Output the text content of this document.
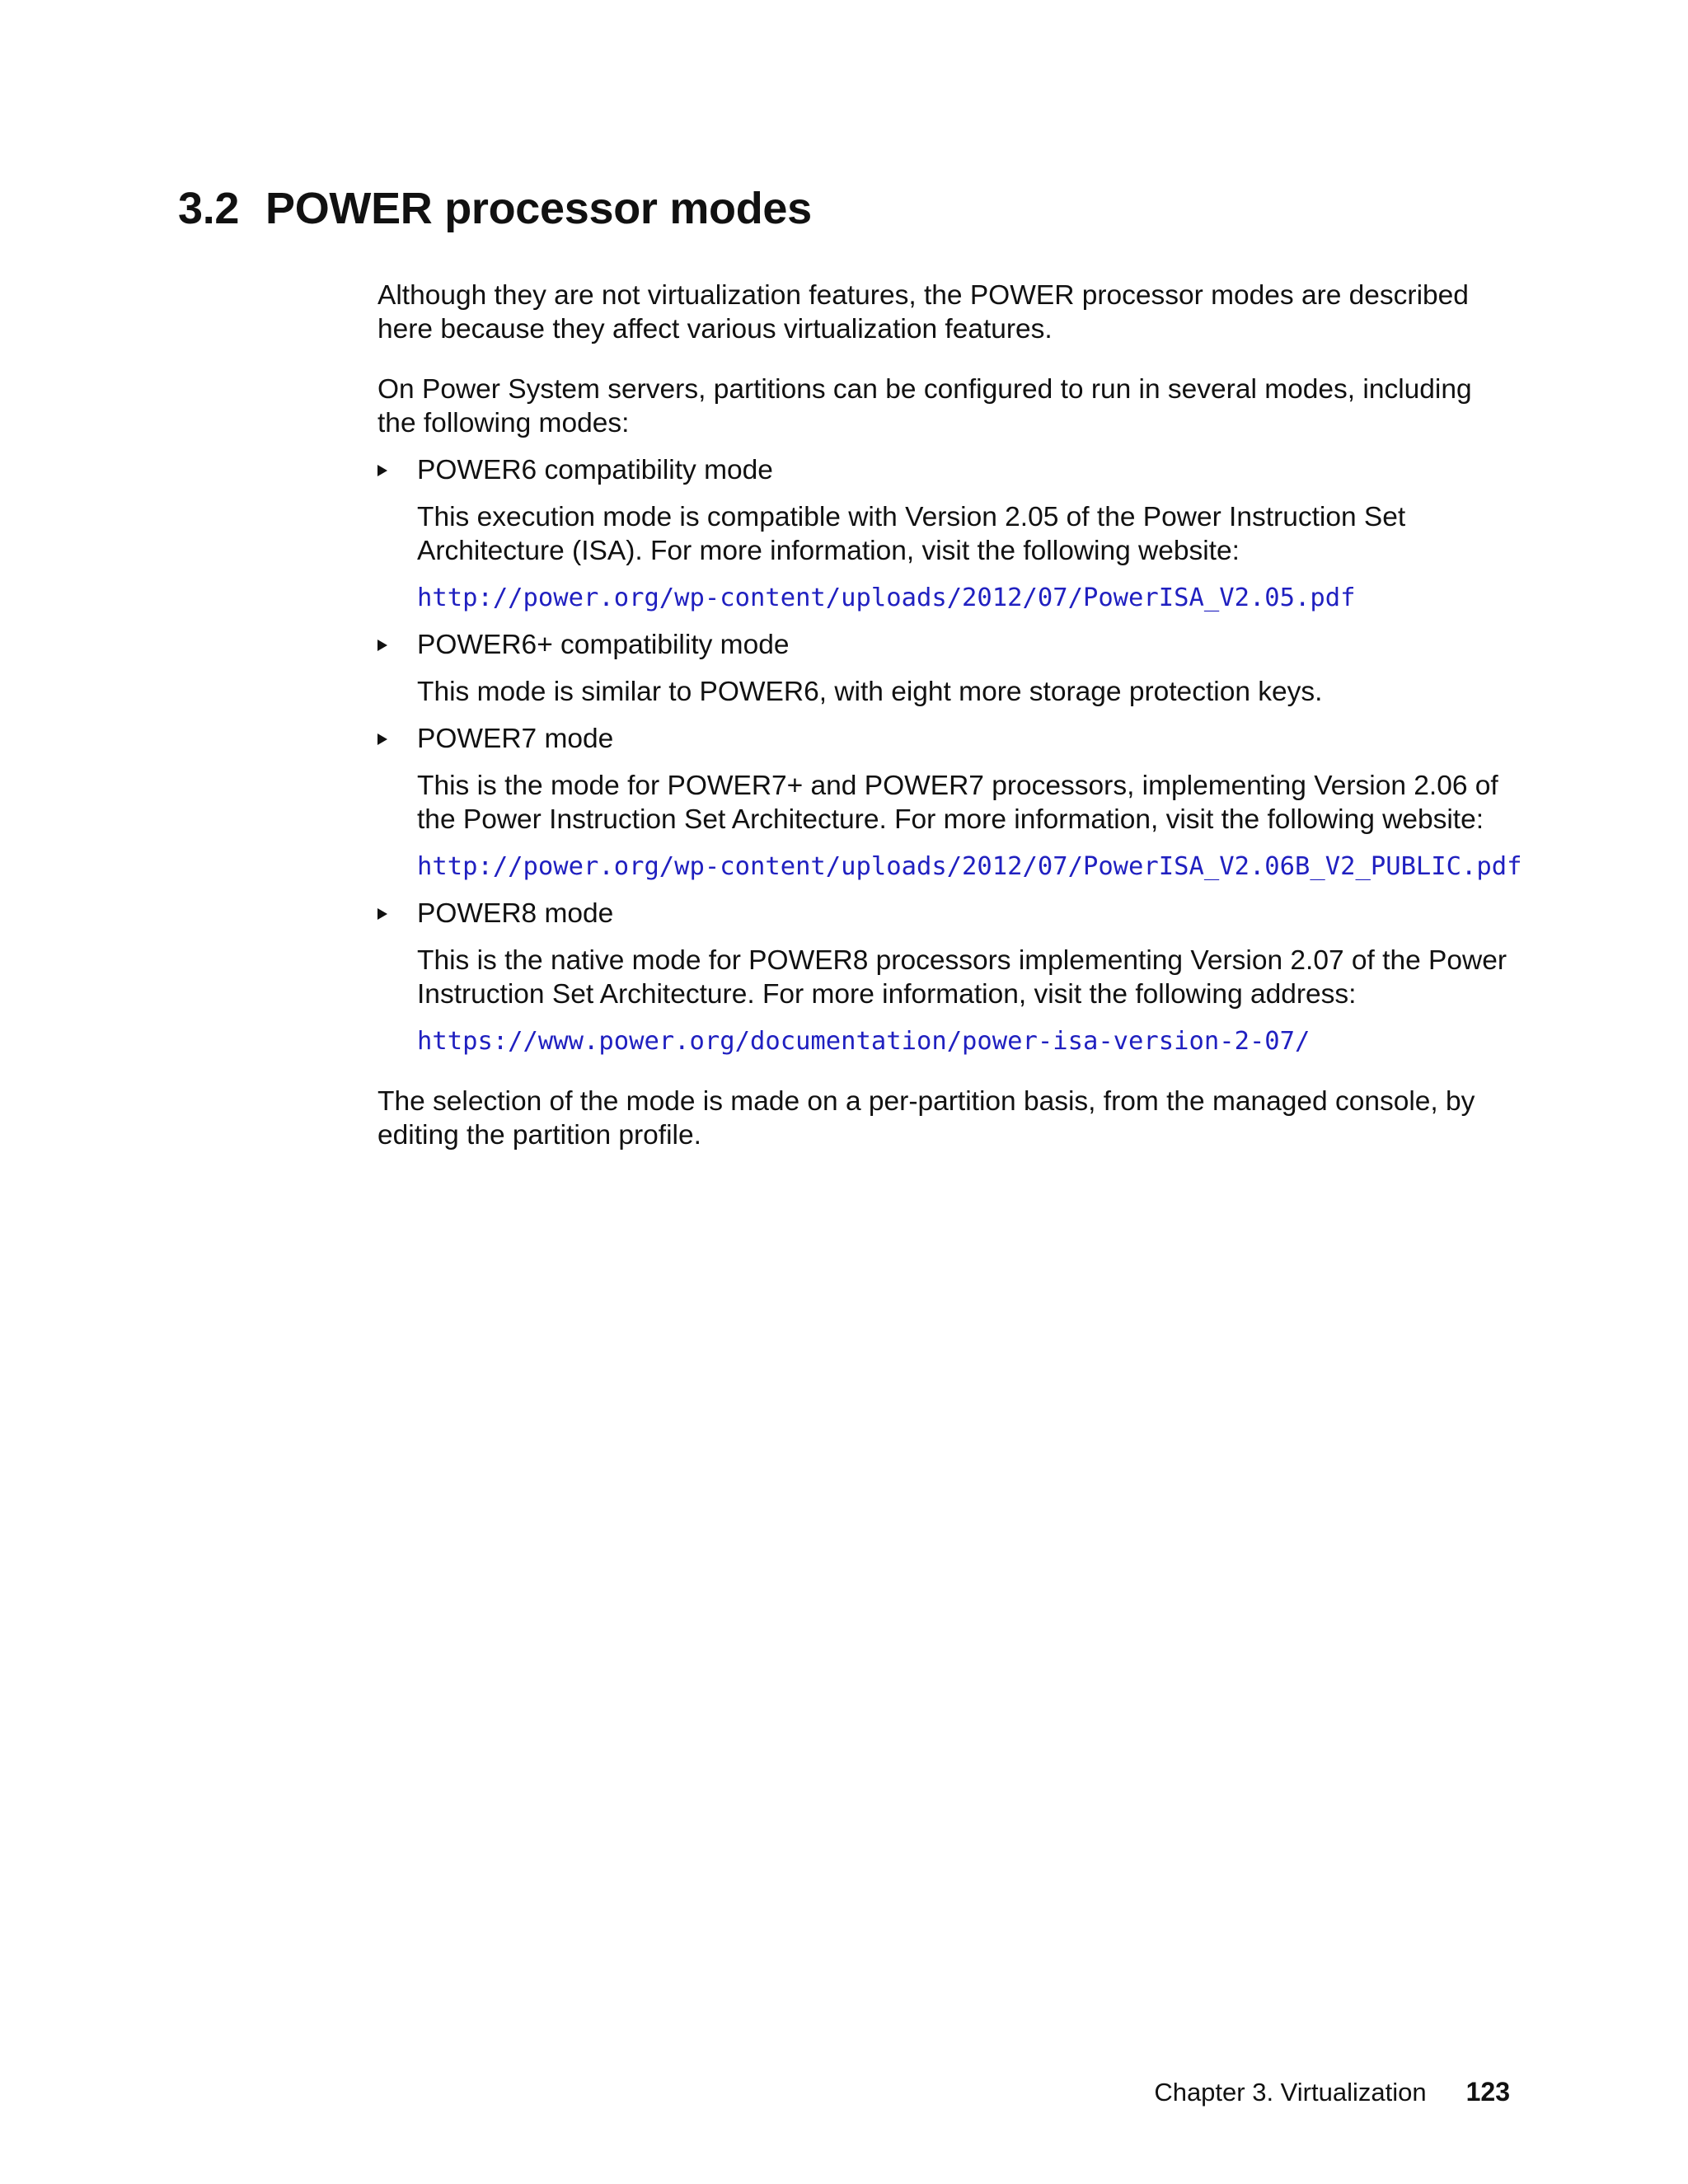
3.2 POWER processor modes

Although they are not virtualization features, the POWER processor modes are described here because they affect various virtualization features.

On Power System servers, partitions can be configured to run in several modes, including the following modes:

POWER6 compatibility mode

This execution mode is compatible with Version 2.05 of the Power Instruction Set Architecture (ISA). For more information, visit the following website:

http://power.org/wp-content/uploads/2012/07/PowerISA_V2.05.pdf

POWER6+ compatibility mode

This mode is similar to POWER6, with eight more storage protection keys.

POWER7 mode

This is the mode for POWER7+ and POWER7 processors, implementing Version 2.06 of the Power Instruction Set Architecture. For more information, visit the following website:

http://power.org/wp-content/uploads/2012/07/PowerISA_V2.06B_V2_PUBLIC.pdf

POWER8 mode

This is the native mode for POWER8 processors implementing Version 2.07 of the Power Instruction Set Architecture. For more information, visit the following address:

https://www.power.org/documentation/power-isa-version-2-07/

The selection of the mode is made on a per-partition basis, from the managed console, by editing the partition profile.

Chapter 3. Virtualization 123
